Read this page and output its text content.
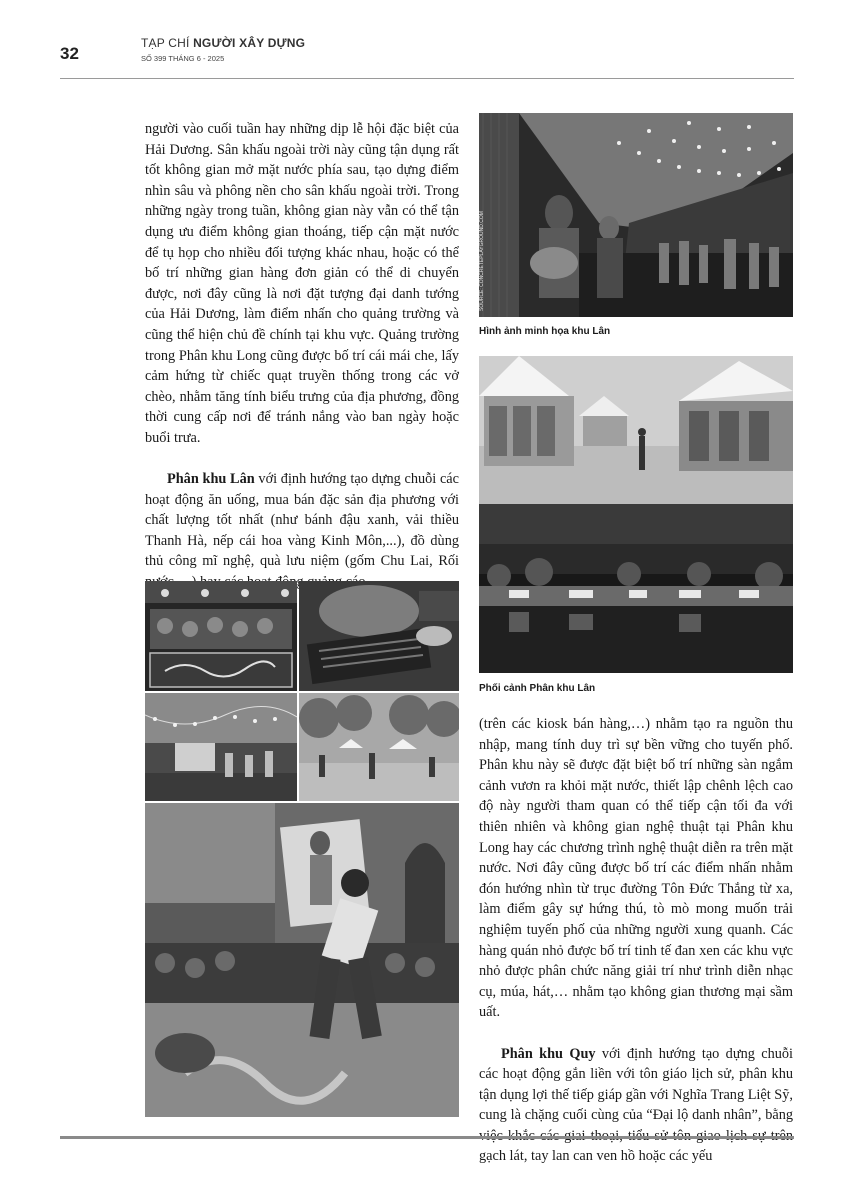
32
TẠP CHÍ NGƯỜI XÂY DỰNG
SỐ 399 THÁNG 6 - 2025

người vào cuối tuần hay những dịp lễ hội đặc biệt của Hải Dương. Sân khấu ngoài trời này cũng tận dụng rất tốt không gian mở mặt nước phía sau, tạo dựng điểm nhìn sâu và phông nền cho sân khấu ngoài trời. Trong những ngày trong tuần, không gian này vẫn có thể tận dụng ưu điểm không gian thoáng, tiếp cận mặt nước để tụ họp cho nhiều đối tượng khác nhau, hoặc có thể bố trí những gian hàng đơn giản có thể di chuyển được, nơi đây cũng là nơi đặt tượng đại danh tướng của Hải Dương, làm điểm nhấn cho quảng trường và cũng thể hiện chủ đề chính tại khu vực. Quảng trường trong Phân khu Long cũng được bố trí cái mái che, lấy cảm hứng từ chiếc quạt truyền thống trong các vở chèo, nhằm tăng tính biểu trưng của địa phương, đồng thời cung cấp nơi để tránh nắng vào ban ngày hoặc buổi trưa.

Phân khu Lân với định hướng tạo dựng chuỗi các hoạt động ăn uống, mua bán đặc sản địa phương với chất lượng tốt nhất (như bánh đậu xanh, vải thiều Thanh Hà, nếp cái hoa vàng Kinh Môn,...), đồ dùng thủ công mĩ nghệ, quà lưu niệm (gốm Chu Lai, Rối

SOURCE: CONCRETEPLAYGROUND.COM
Hình ảnh minh họa khu Lân
Phối cảnh Phân khu Lân

(trên các kiosk bán hàng,…) nhằm tạo ra nguồn thu nhập, mang tính duy trì sự bền vững cho tuyến phố. Phân khu này sẽ được đặt biệt bố trí những sàn ngắm cảnh vươn ra khỏi mặt nước, thiết lập chênh lệch cao độ này người tham quan có thể tiếp cận tối đa với thiên nhiên và không gian nghệ thuật tại Phân khu Long hay các chương trình nghệ thuật diễn ra trên mặt nước. Nơi đây cũng được bố trí các điểm nhấn nhằm đón hướng nhìn từ trục đường Tôn Đức Thắng từ xa, làm điểm gây sự hứng thú, tò mò mong muốn trải nghiệm tuyến phố của những người xung quanh. Các hàng quán nhỏ được bố trí tinh tế đan xen các khu vực nhỏ được phân chức năng giải trí như trình diễn nhạc cụ, múa, hát,… nhằm tạo không gian thương mại sầm uất.

Phân khu Quy với định hướng tạo dựng chuỗi các hoạt động gắn liền với tôn giáo lịch sử, phân khu tận dụng lợi thế tiếp giáp gần với Nghĩa Trang Liệt Sỹ, cung là chặng cuối cùng của “Đại lộ danh nhân”, bằng gạch lát, tay lan can ven hồ hoặc các yếu
